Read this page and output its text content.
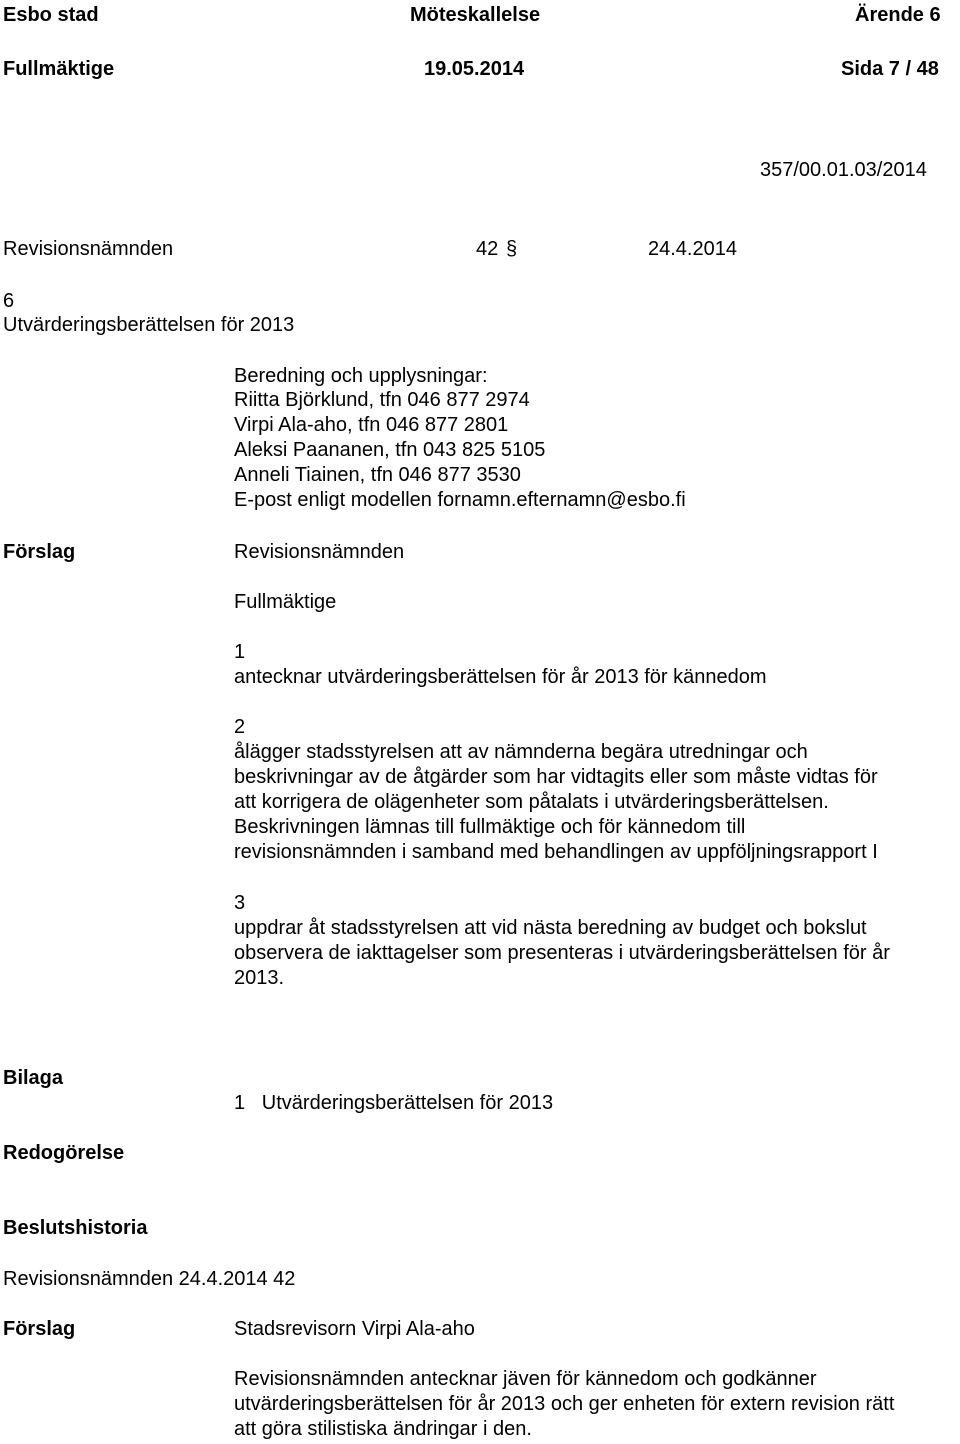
Esbo stad	Möteskallelse	Ärende 6
Fullmäktige	19.05.2014	Sida 7 / 48
357/00.01.03/2014
Revisionsnämnden	42 §	24.4.2014
6
Utvärderingsberättelsen för 2013
Beredning och upplysningar:
Riitta Björklund, tfn 046 877 2974
Virpi Ala-aho, tfn 046 877 2801
Aleksi Paananen, tfn 043 825 5105
Anneli Tiainen, tfn 046 877 3530
E-post enligt modellen fornamn.efternamn@esbo.fi
Förslag	Revisionsnämnden
Fullmäktige
1
antecknar utvärderingsberättelsen för år 2013 för kännedom
2
ålägger stadsstyrelsen att av nämnderna begära utredningar och
beskrivningar av de åtgärder som har vidtagits eller som måste vidtas för
att korrigera de olägenheter som påtalats i utvärderingsberättelsen.
Beskrivningen lämnas till fullmäktige och för kännedom till
revisionsnämnden i samband med behandlingen av uppföljningsrapport I
3
uppdrar åt stadsstyrelsen att vid nästa beredning av budget och bokslut
observera de iakttagelser som presenteras i utvärderingsberättelsen för år
2013.
Bilaga
1   Utvärderingsberättelsen för 2013
Redogörelse
Beslutshistoria
Revisionsnämnden 24.4.2014 42
Förslag	Stadsrevisorn Virpi Ala-aho
Revisionsnämnden antecknar jäven för kännedom och godkänner
utvärderingsberättelsen för år 2013 och ger enheten för extern revision rätt
att göra stilistiska ändringar i den.
